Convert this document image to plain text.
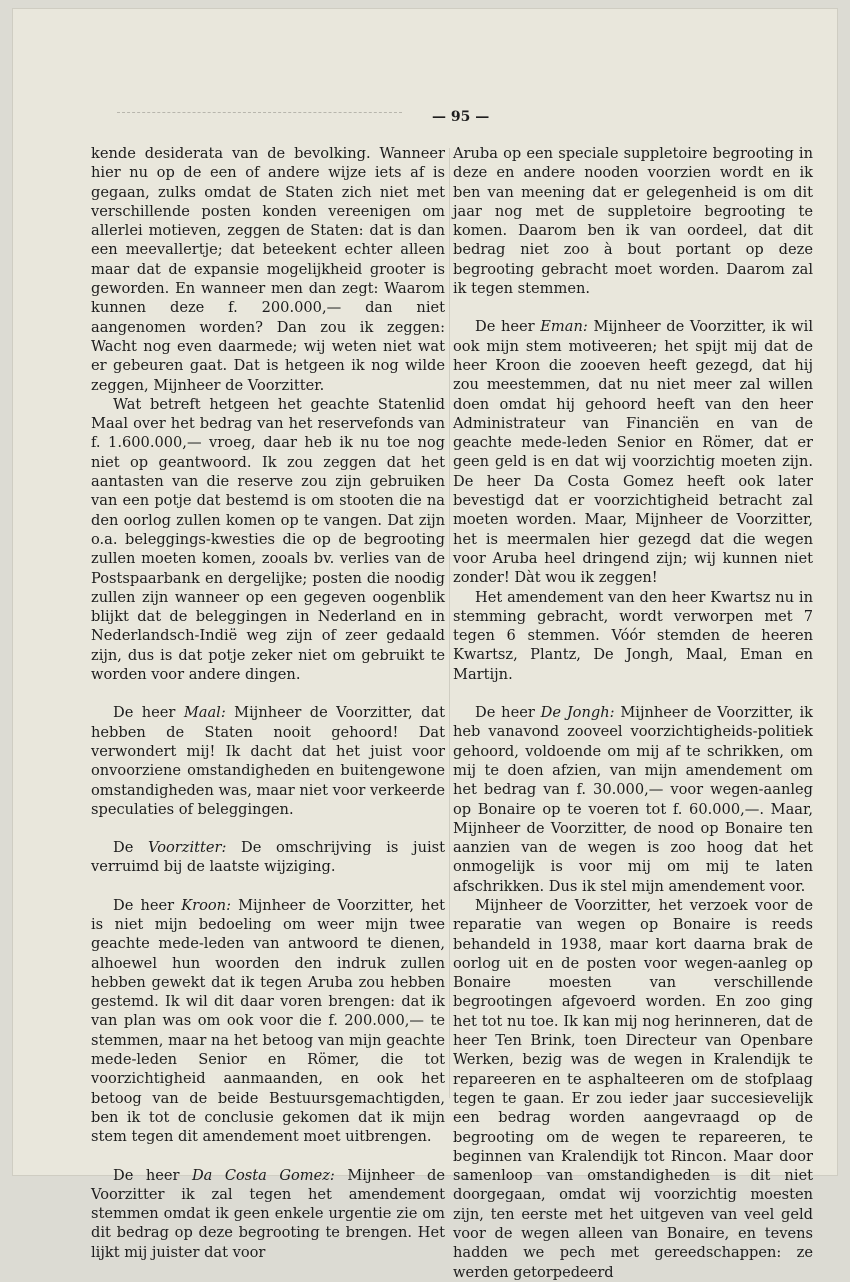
— 95 —

kende desiderata van de bevolking. Wanneer hier nu op de een of andere wijze iets af is gegaan, zulks omdat de Staten zich niet met verschillende posten konden vereenigen om allerlei motieven, zeggen de Staten: dat is dan een meevallertje; dat beteekent echter alleen maar dat de expansie mogelijkheid grooter is geworden. En wanneer men dan zegt: Waarom kunnen deze f. 200.000,— dan niet aangenomen worden? Dan zou ik zeggen: Wacht nog even daarmede; wij weten niet wat er gebeuren gaat. Dat is hetgeen ik nog wilde zeggen, Mijnheer de Voorzitter.

Wat betreft hetgeen het geachte Statenlid Maal over het bedrag van het reservefonds van f. 1.600.000,— vroeg, daar heb ik nu toe nog niet op geantwoord. Ik zou zeggen dat het aantasten van die reserve zou zijn gebruiken van een potje dat bestemd is om stooten die na den oorlog zullen komen op te vangen. Dat zijn o.a. beleggings-kwesties die op de begrooting zullen moeten komen, zooals bv. verlies van de Postspaarbank en dergelijke; posten die noodig zullen zijn wanneer op een gegeven oogenblik blijkt dat de beleggingen in Nederland en in Nederlandsch-Indië weg zijn of zeer gedaald zijn, dus is dat potje zeker niet om gebruikt te worden voor andere dingen.

De heer Maal: Mijnheer de Voorzitter, dat hebben de Staten nooit gehoord! Dat verwondert mij! Ik dacht dat het juist voor onvoorziene omstandigheden en buitengewone omstandigheden was, maar niet voor verkeerde speculaties of beleggingen.

De Voorzitter: De omschrijving is juist verruimd bij de laatste wijziging.

De heer Kroon: Mijnheer de Voorzitter, het is niet mijn bedoeling om weer mijn twee geachte mede-leden van antwoord te dienen, alhoewel hun woorden den indruk zullen hebben gewekt dat ik tegen Aruba zou hebben gestemd. Ik wil dit daar voren brengen: dat ik van plan was om ook voor die f. 200.000,— te stemmen, maar na het betoog van mijn geachte mede-leden Senior en Römer, die tot voorzichtigheid aanmaanden, en ook het betoog van de beide Bestuursgemachtigden, ben ik tot de conclusie gekomen dat ik mijn stem tegen dit amendement moet uitbrengen.

De heer Da Costa Gomez: Mijnheer de Voorzitter ik zal tegen het amendement stemmen omdat ik geen enkele urgentie zie om dit bedrag op deze begrooting te brengen. Het lijkt mij juister dat voor

Aruba op een speciale suppletoire begrooting in deze en andere nooden voorzien wordt en ik ben van meening dat er gelegenheid is om dit jaar nog met de suppletoire begrooting te komen. Daarom ben ik van oordeel, dat dit bedrag niet zoo à bout portant op deze begrooting gebracht moet worden. Daarom zal ik tegen stemmen.

De heer Eman: Mijnheer de Voorzitter, ik wil ook mijn stem motiveeren; het spijt mij dat de heer Kroon die zooeven heeft gezegd, dat hij zou meestemmen, dat nu niet meer zal willen doen omdat hij gehoord heeft van den heer Administrateur van Financiën en van de geachte mede-leden Senior en Römer, dat er geen geld is en dat wij voorzichtig moeten zijn. De heer Da Costa Gomez heeft ook later bevestigd dat er voorzichtigheid betracht zal moeten worden. Maar, Mijnheer de Voorzitter, het is meermalen hier gezegd dat die wegen voor Aruba heel dringend zijn; wij kunnen niet zonder! Dàt wou ik zeggen!

Het amendement van den heer Kwartsz nu in stemming gebracht, wordt verworpen met 7 tegen 6 stemmen. Vóór stemden de heeren Kwartsz, Plantz, De Jongh, Maal, Eman en Martijn.

De heer De Jongh: Mijnheer de Voorzitter, ik heb vanavond zooveel voorzichtigheids-politiek gehoord, voldoende om mij af te schrikken, om mij te doen afzien, van mijn amendement om het bedrag van f. 30.000,— voor wegen-aanleg op Bonaire op te voeren tot f. 60.000,—. Maar, Mijnheer de Voorzitter, de nood op Bonaire ten aanzien van de wegen is zoo hoog dat het onmogelijk is voor mij om mij te laten afschrikken. Dus ik stel mijn amendement voor.

Mijnheer de Voorzitter, het verzoek voor de reparatie van wegen op Bonaire is reeds behandeld in 1938, maar kort daarna brak de oorlog uit en de posten voor wegen-aanleg op Bonaire moesten van verschillende begrootingen afgevoerd worden. En zoo ging het tot nu toe. Ik kan mij nog herinneren, dat de heer Ten Brink, toen Directeur van Openbare Werken, bezig was de wegen in Kralendijk te repareeren en te asphalteeren om de stofplaag tegen te gaan. Er zou ieder jaar succesievelijk een bedrag worden aangevraagd op de begrooting om de wegen te repareeren, te beginnen van Kralendijk tot Rincon. Maar door samenloop van omstandigheden is dit niet doorgegaan, omdat wij voorzichtig moesten zijn, ten eerste met het uitgeven van veel geld voor de wegen alleen van Bonaire, en tevens hadden we pech met gereedschappen: ze werden getorpedeerd
